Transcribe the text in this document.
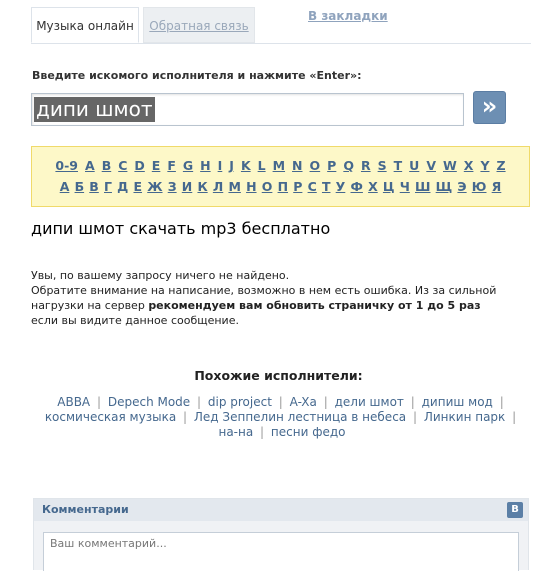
Музыка онлайн	Обратная связь
В закладки
Введите искомого исполнителя и нажмите «Enter»:
дипи шмот	»
0-9 A B C D E F G H I J K L M N O P Q R S T U V W X Y Z
А Б В Г Д Е Ж З И К Л М Н О П Р С Т У Ф Х Ц Ч Ш Щ Э Ю Я
дипи шмот скачать mp3 бесплатно
Увы, по вашему запросу ничего не найдено.
Обратите внимание на написание, возможно в нем есть ошибка. Из за сильной нагрузки на сервер рекомендуем вам обновить страничку от 1 до 5 раз если вы видите данное сообщение.
Похожие исполнители:
ABBA | Depech Mode | dip project | A-Xa | дели шмот | дипиш мод | космическая музыка | Лед Зеппелин лестница в небеса | Линкин парк | на-на | песни федо
Комментарии	В
Ваш комментарий...
